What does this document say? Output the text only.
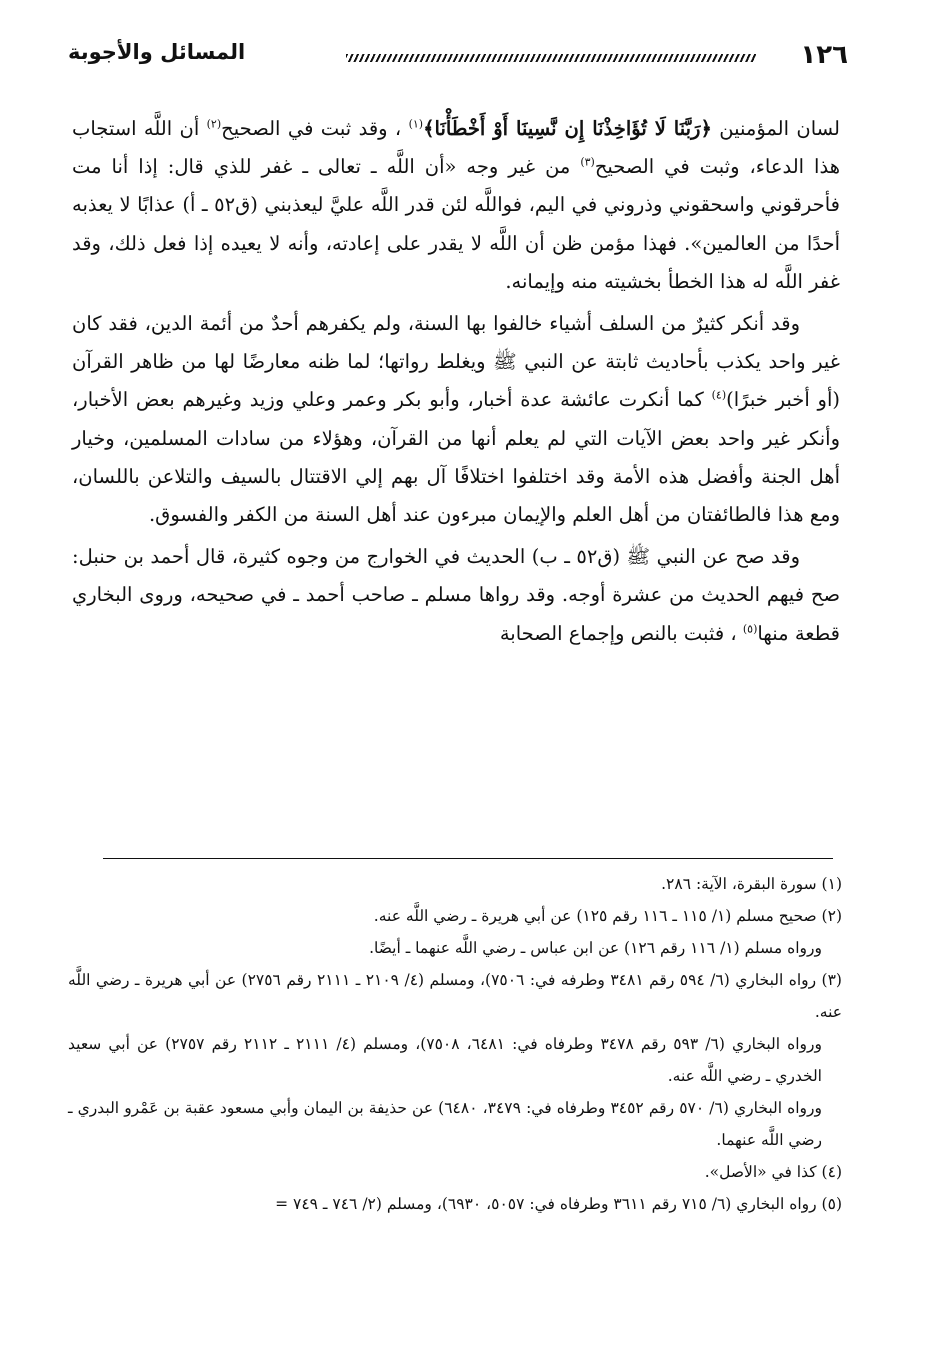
١٢٦
المسائل والأجوبة

لسان المؤمنين ﴿رَبَّنَا لَا تُؤَاخِذْنَا إِن نَّسِينَا أَوْ أَخْطَأْنَا﴾$^{(١)}$ ، وقد ثبت في الصحيح$^{(٢)}$ أن اللَّه استجاب هذا الدعاء، وثبت في الصحيح$^{(٣)}$ من غير وجه «أن اللَّه ـ تعالى ـ غفر للذي قال: إذا أنا مت فأحرقوني واسحقوني وذروني في اليم، فواللَّه لئن قدر اللَّه عليَّ ليعذبني (ق٥٢ ـ أ) عذابًا لا يعذبه أحدًا من العالمين». فهذا مؤمن ظن أن اللَّه لا يقدر على إعادته، وأنه لا يعيده إذا فعل ذلك، وقد غفر اللَّه له هذا الخطأ بخشيته منه وإيمانه.

وقد أنكر كثيرٌ من السلف أشياء خالفوا بها السنة، ولم يكفرهم أحدٌ من أئمة الدين، فقد كان غير واحد يكذب بأحاديث ثابتة عن النبي ﷺ ويغلط رواتها؛ لما ظنه معارضًا لها من ظاهر القرآن (أو أخبر خبرًا)$^{(٤)}$ كما أنكرت عائشة عدة أخبار، وأبو بكر وعمر وعلي وزيد وغيرهم بعض الأخبار، وأنكر غير واحد بعض الآيات التي لم يعلم أنها من القرآن، وهؤلاء من سادات المسلمين، وخيار أهل الجنة وأفضل هذه الأمة وقد اختلفوا اختلافًا آل بهم إلي الاقتتال بالسيف والتلاعن باللسان، ومع هذا فالطائفتان من أهل العلم والإيمان مبرءون عند أهل السنة من الكفر والفسوق.

وقد صح عن النبي ﷺ (ق٥٢ ـ ب) الحديث في الخوارج من وجوه كثيرة، قال أحمد بن حنبل: صح فيهم الحديث من عشرة أوجه. وقد رواها مسلم ـ صاحب أحمد ـ في صحيحه، وروى البخاري قطعة منها$^{(٥)}$ ، فثبت بالنص وإجماع الصحابة

(١) سورة البقرة، الآية: ٢٨٦.

(٢) صحيح مسلم (١/ ١١٥ ـ ١١٦ رقم ١٢٥) عن أبي هريرة ـ رضي اللَّه عنه.

ورواه مسلم (١/ ١١٦ رقم ١٢٦) عن ابن عباس ـ رضي اللَّه عنهما ـ أيضًا.

(٣) رواه البخاري (٦/ ٥٩٤ رقم ٣٤٨١ وطرفه في: ٧٥٠٦)، ومسلم (٤/ ٢١٠٩ ـ ٢١١١ رقم ٢٧٥٦) عن أبي هريرة ـ رضي اللَّه عنه.

ورواه البخاري (٦/ ٥٩٣ رقم ٣٤٧٨ وطرفاه في: ٦٤٨١، ٧٥٠٨)، ومسلم (٤/ ٢١١١ ـ ٢١١٢ رقم ٢٧٥٧) عن أبي سعيد الخدري ـ رضي اللَّه عنه.

ورواه البخاري (٦/ ٥٧٠ رقم ٣٤٥٢ وطرفاه في: ٣٤٧٩، ٦٤٨٠) عن حذيفة بن اليمان وأبي مسعود عقبة بن عَمْرو البدري ـ رضي اللَّه عنهما.

(٤) كذا في «الأصل».

(٥) رواه البخاري (٦/ ٧١٥ رقم ٣٦١١ وطرفاه في: ٥٠٥٧، ٦٩٣٠)، ومسلم (٢/ ٧٤٦ ـ ٧٤٩ =
